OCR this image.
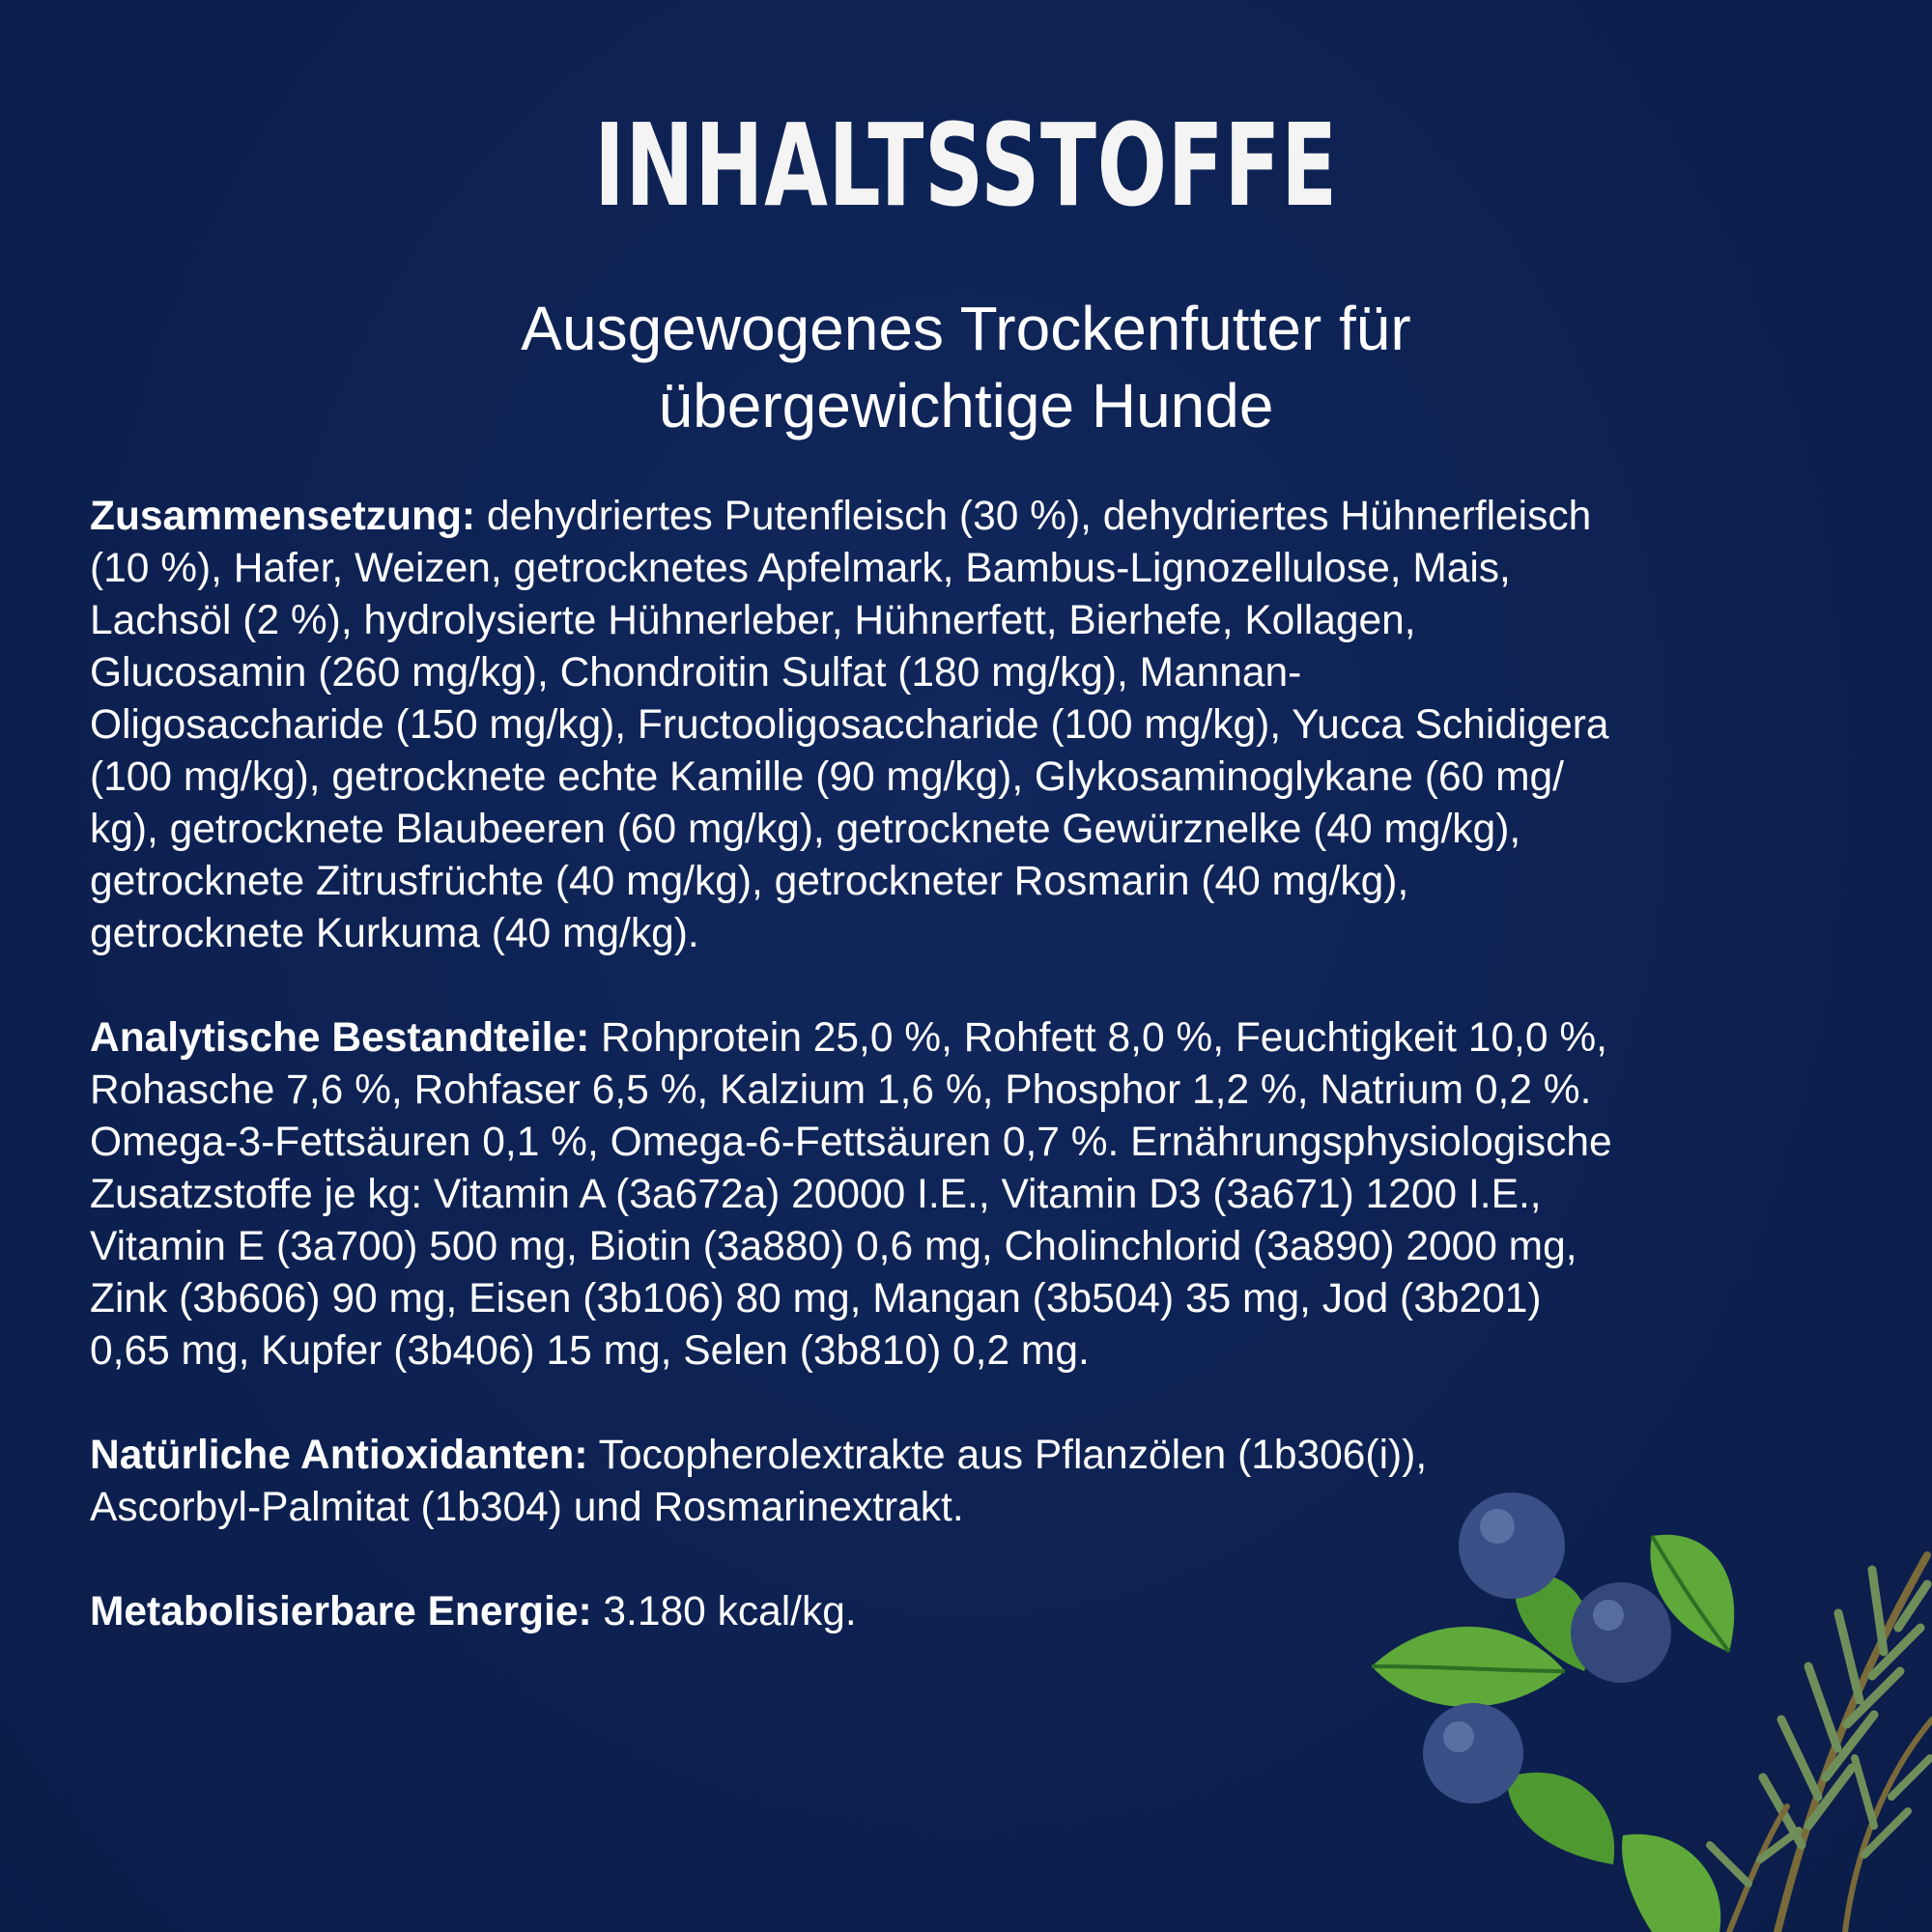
INHALTSSTOFFE
Ausgewogenes Trockenfutter für
übergewichtige Hunde
Zusammensetzung: dehydriertes Putenfleisch (30 %), dehydriertes Hühnerfleisch
(10 %), Hafer, Weizen, getrocknetes Apfelmark, Bambus-Lignozellulose, Mais,
Lachsöl (2 %), hydrolysierte Hühnerleber, Hühnerfett, Bierhefe, Kollagen,
Glucosamin (260 mg/kg), Chondroitin Sulfat (180 mg/kg), Mannan-
Oligosaccharide (150 mg/kg), Fructooligosaccharide (100 mg/kg), Yucca Schidigera
(100 mg/kg), getrocknete echte Kamille (90 mg/kg), Glykosaminoglykane (60 mg/
kg), getrocknete Blaubeeren (60 mg/kg), getrocknete Gewürznelke (40 mg/kg),
getrocknete Zitrusfrüchte (40 mg/kg), getrockneter Rosmarin (40 mg/kg),
getrocknete Kurkuma (40 mg/kg).
Analytische Bestandteile: Rohprotein 25,0 %, Rohfett 8,0 %, Feuchtigkeit 10,0 %,
Rohasche 7,6 %, Rohfaser 6,5 %, Kalzium 1,6 %, Phosphor 1,2 %, Natrium 0,2 %.
Omega-3-Fettsäuren 0,1 %, Omega-6-Fettsäuren 0,7 %. Ernährungsphysiologische
Zusatzstoffe je kg: Vitamin A (3a672a) 20000 I.E., Vitamin D3 (3a671) 1200 I.E.,
Vitamin E (3a700) 500 mg, Biotin (3a880) 0,6 mg, Cholinchlorid (3a890) 2000 mg,
Zink (3b606) 90 mg, Eisen (3b106) 80 mg, Mangan (3b504) 35 mg, Jod (3b201)
0,65 mg, Kupfer (3b406) 15 mg, Selen (3b810) 0,2 mg.
Natürliche Antioxidanten: Tocopherolextrakte aus Pflanzölen (1b306(i)),
Ascorbyl-Palmitat (1b304) und Rosmarinextrakt.
Metabolisierbare Energie: 3.180 kcal/kg.
